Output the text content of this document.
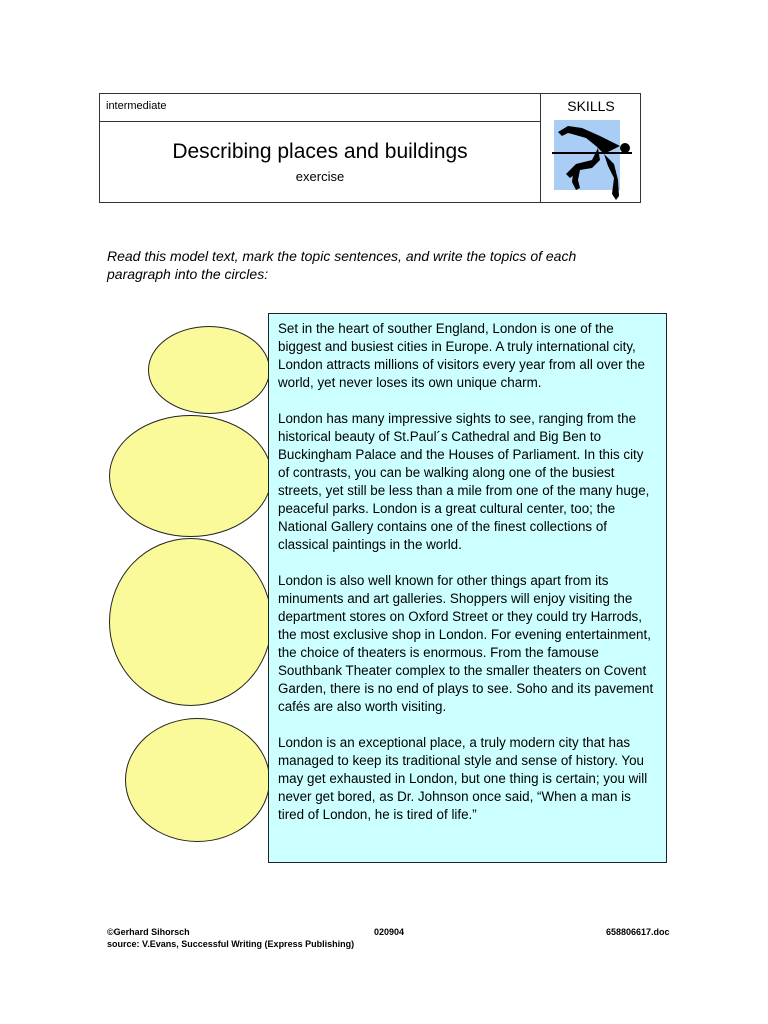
intermediate	SKILLS
Describing places and buildings
exercise
Read this model text, mark the topic sentences, and write the topics of each paragraph into the circles:

Set in the heart of souther England, London is one of the biggest and busiest cities in Europe. A truly international city, London attracts millions of visitors every year from all over the world, yet never loses its own unique charm.

London has many impressive sights to see, ranging from the historical beauty of St.Paul´s Cathedral and Big Ben to Buckingham Palace and the Houses of Parliament. In this city of contrasts, you can be walking along one of the busiest streets, yet still be less than a mile from one of the many huge, peaceful parks. London is a great cultural center, too; the National Gallery contains one of the finest collections of classical paintings in the world.

London is also well known for other things apart from its minuments and art galleries. Shoppers will enjoy visiting the department stores on Oxford Street or they could try Harrods, the most exclusive shop in London. For evening entertainment, the choice of theaters is enormous. From the famouse Southbank Theater complex to the smaller theaters on Covent Garden, there is no end of plays to see. Soho and its pavement cafés are also worth visiting.

London is an exceptional place, a truly modern city that has managed to keep its traditional style and sense of history. You may get exhausted in London, but one thing is certain; you will never get bored, as Dr. Johnson once said, “When a man is tired of London, he is tired of life.”

©Gerhard Sihorsch
source: V.Evans, Successful Writing (Express Publishing)
020904	658806617.doc
